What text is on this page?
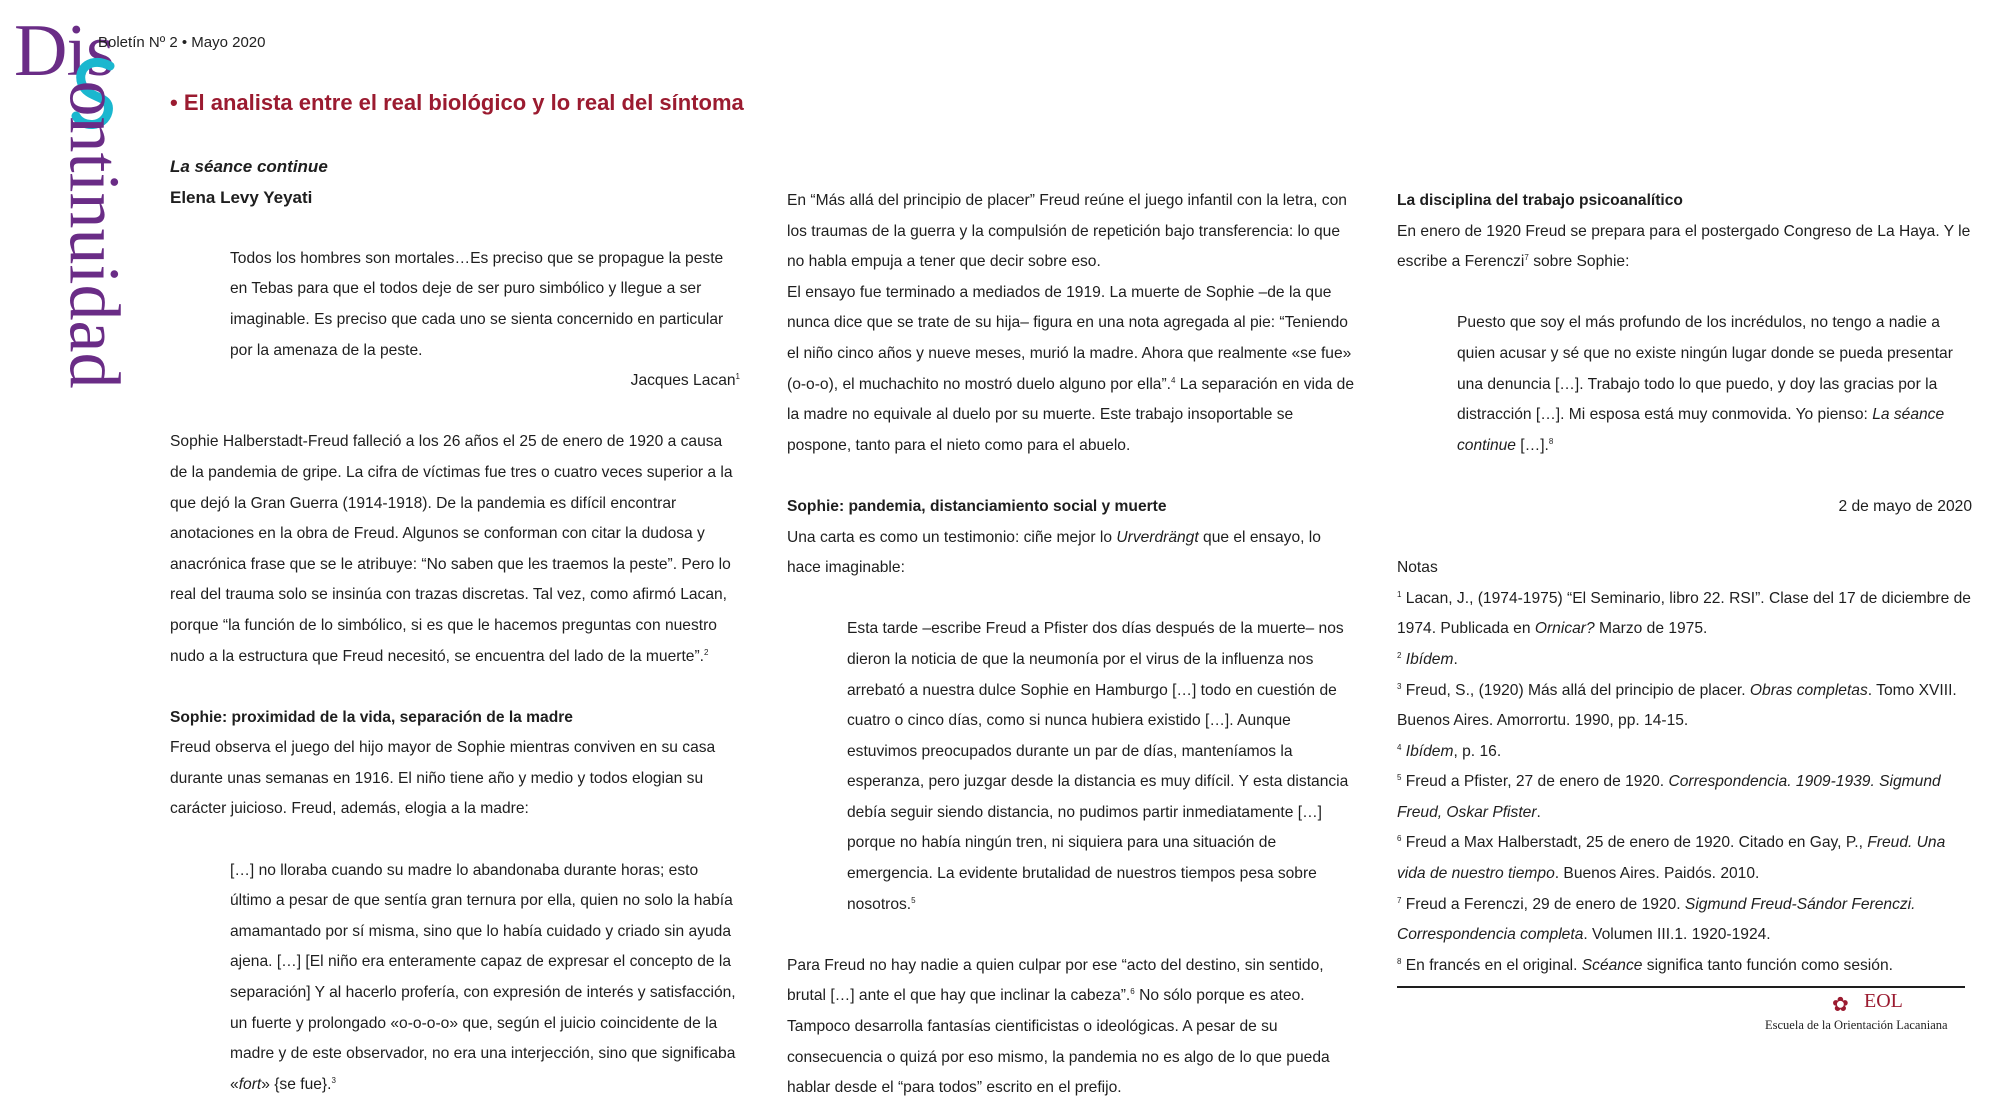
Dis
ontinuidad
Boletín Nº 2 • Mayo 2020
• El analista entre el real biológico y lo real del síntoma

La séance continue

Elena Levy Yeyati

Todos los hombres son mortales…Es preciso que se propague la peste en Tebas para que el todos deje de ser puro simbólico y llegue a ser imaginable. Es preciso que cada uno se sienta concernido en particular por la amenaza de la peste.

Jacques Lacan$^1$

Sophie Halberstadt-Freud falleció a los 26 años el 25 de enero de 1920 a causa de la pandemia de gripe. La cifra de víctimas fue tres o cuatro veces superior a la que dejó la Gran Guerra (1914-1918). De la pandemia es difícil encontrar anotaciones en la obra de Freud. Algunos se conforman con citar la dudosa y anacrónica frase que se le atribuye: “No saben que les traemos la peste”. Pero lo real del trauma solo se insinúa con trazas discretas. Tal vez, como afirmó Lacan, porque “la función de lo simbólico, si es que le hacemos preguntas con nuestro nudo a la estructura que Freud necesitó, se encuentra del lado de la muerte”.$^2$

Sophie: proximidad de la vida, separación de la madre

Freud observa el juego del hijo mayor de Sophie mientras conviven en su casa durante unas semanas en 1916. El niño tiene año y medio y todos elogian su carácter juicioso. Freud, además, elogia a la madre:

[…] no lloraba cuando su madre lo abandonaba durante horas; esto último a pesar de que sentía gran ternura por ella, quien no solo la había amamantado por sí misma, sino que lo había cuidado y criado sin ayuda ajena. […] [El niño era enteramente capaz de expresar el concepto de la separación] Y al hacerlo profería, con expresión de interés y satisfacción, un fuerte y prolongado «o-o-o-o» que, según el juicio coincidente de la madre y de este observador, no era una interjección, sino que significaba «fort» {se fue}.$^3$

En “Más allá del principio de placer” Freud reúne el juego infantil con la letra, con los traumas de la guerra y la compulsión de repetición bajo transferencia: lo que no habla empuja a tener que decir sobre eso.

El ensayo fue terminado a mediados de 1919. La muerte de Sophie –de la que nunca dice que se trate de su hija– figura en una nota agregada al pie: “Teniendo el niño cinco años y nueve meses, murió la madre. Ahora que realmente «se fue» (o-o-o), el muchachito no mostró duelo alguno por ella”.$^4$ La separación en vida de la madre no equivale al duelo por su muerte. Este trabajo insoportable se pospone, tanto para el nieto como para el abuelo.

Sophie: pandemia, distanciamiento social y muerte

Una carta es como un testimonio: ciñe mejor lo Urverdrängt que el ensayo, lo hace imaginable:

Esta tarde –escribe Freud a Pfister dos días después de la muerte– nos dieron la noticia de que la neumonía por el virus de la influenza nos arrebató a nuestra dulce Sophie en Hamburgo […] todo en cuestión de cuatro o cinco días, como si nunca hubiera existido […]. Aunque estuvimos preocupados durante un par de días, manteníamos la esperanza, pero juzgar desde la distancia es muy difícil. Y esta distancia debía seguir siendo distancia, no pudimos partir inmediatamente […] porque no había ningún tren, ni siquiera para una situación de emergencia. La evidente brutalidad de nuestros tiempos pesa sobre nosotros.$^5$

Para Freud no hay nadie a quien culpar por ese “acto del destino, sin sentido, brutal […] ante el que hay que inclinar la cabeza”.$^6$ No sólo porque es ateo. Tampoco desarrolla fantasías cientificistas o ideológicas. A pesar de su consecuencia o quizá por eso mismo, la pandemia no es algo de lo que pueda hablar desde el “para todos” escrito en el prefijo.

La disciplina del trabajo psicoanalítico

En enero de 1920 Freud se prepara para el postergado Congreso de La Haya. Y le escribe a Ferenczi$^7$ sobre Sophie:

Puesto que soy el más profundo de los incrédulos, no tengo a nadie a quien acusar y sé que no existe ningún lugar donde se pueda presentar una denuncia […]. Trabajo todo lo que puedo, y doy las gracias por la distracción […]. Mi esposa está muy conmovida. Yo pienso: La séance continue […].$^8$

2 de mayo de 2020

Notas

$^1$ Lacan, J., (1974-1975) “El Seminario, libro 22. RSI”. Clase del 17 de diciembre de 1974. Publicada en Ornicar? Marzo de 1975.

$^2$ Ibídem.

$^3$ Freud, S., (1920) Más allá del principio de placer. Obras completas. Tomo XVIII. Buenos Aires. Amorrortu. 1990, pp. 14-15.

$^4$ Ibídem, p. 16.

$^5$ Freud a Pfister, 27 de enero de 1920. Correspondencia. 1909-1939. Sigmund Freud, Oskar Pfister.

$^6$ Freud a Max Halberstadt, 25 de enero de 1920. Citado en Gay, P., Freud. Una vida de nuestro tiempo. Buenos Aires. Paidós. 2010.

$^7$ Freud a Ferenczi, 29 de enero de 1920. Sigmund Freud-Sándor Ferenczi. Correspondencia completa. Volumen III.1. 1920-1924.

$^8$ En francés en el original. Scéance significa tanto función como sesión.

✿ EOL
Escuela de la Orientación Lacaniana
